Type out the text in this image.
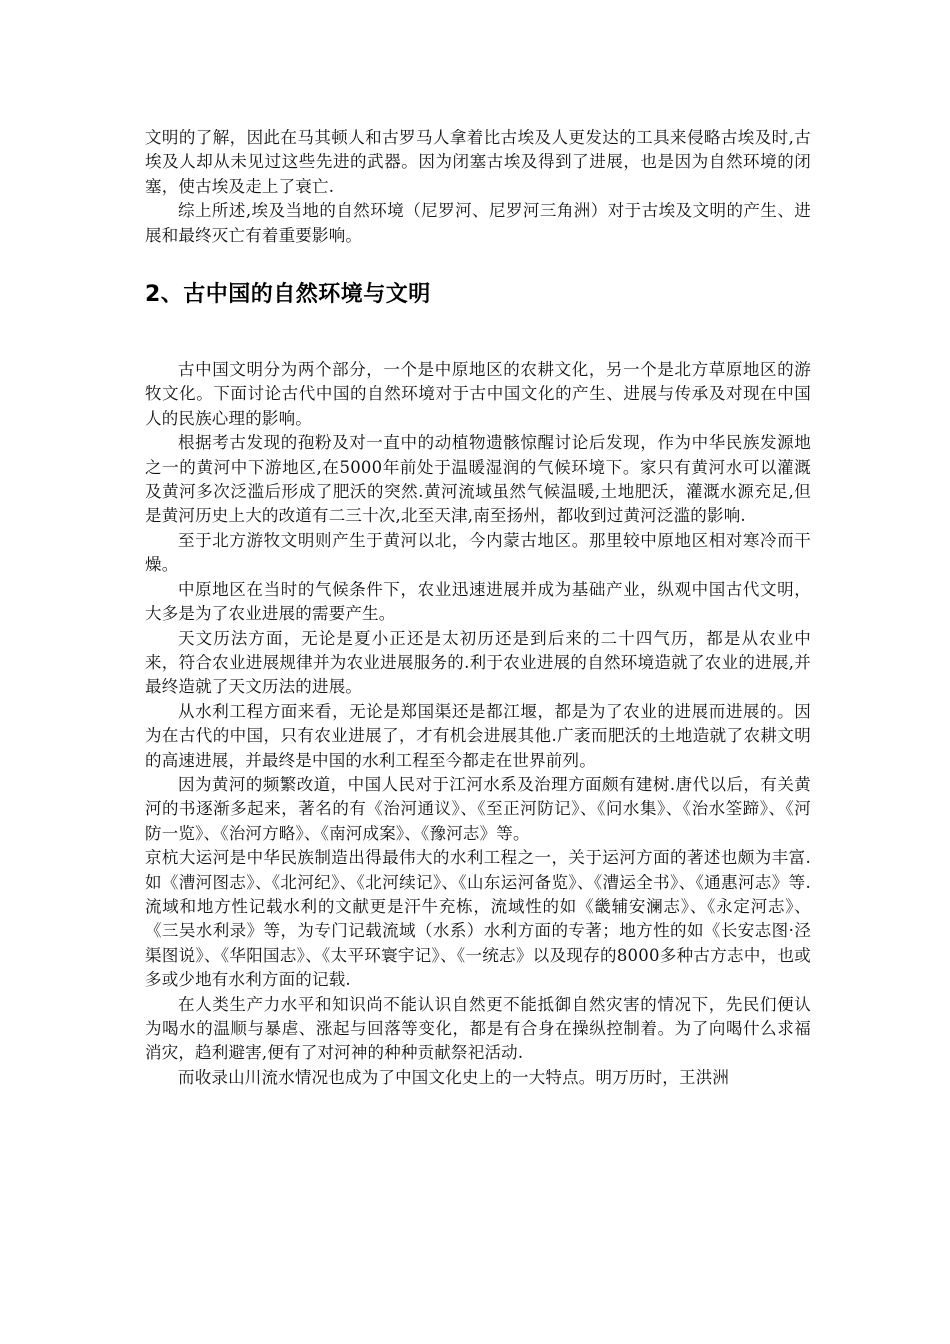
文明的了解，因此在马其顿人和古罗马人拿着比古埃及人更发达的工具来侵略古埃及时,古埃及人却从未见过这些先进的武器。因为闭塞古埃及得到了进展，也是因为自然环境的闭塞，使古埃及走上了衰亡.

综上所述,埃及当地的自然环境（尼罗河、尼罗河三角洲）对于古埃及文明的产生、进展和最终灭亡有着重要影响。

2、古中国的自然环境与文明

古中国文明分为两个部分，一个是中原地区的农耕文化，另一个是北方草原地区的游牧文化。下面讨论古代中国的自然环境对于古中国文化的产生、进展与传承及对现在中国人的民族心理的影响。

根据考古发现的孢粉及对一直中的动植物遗骸惊醒讨论后发现，作为中华民族发源地之一的黄河中下游地区,在5000年前处于温暖湿润的气候环境下。家只有黄河水可以灌溉及黄河多次泛滥后形成了肥沃的突然.黄河流域虽然气候温暖,土地肥沃，灌溉水源充足,但是黄河历史上大的改道有二三十次,北至天津,南至扬州，都收到过黄河泛滥的影响.

至于北方游牧文明则产生于黄河以北，今内蒙古地区。那里较中原地区相对寒冷而干燥。

中原地区在当时的气候条件下，农业迅速进展并成为基础产业，纵观中国古代文明，大多是为了农业进展的需要产生。

天文历法方面，无论是夏小正还是太初历还是到后来的二十四气历，都是从农业中来，符合农业进展规律并为农业进展服务的.利于农业进展的自然环境造就了农业的进展,并最终造就了天文历法的进展。

从水利工程方面来看，无论是郑国渠还是都江堰，都是为了农业的进展而进展的。因为在古代的中国，只有农业进展了，才有机会进展其他.广袤而肥沃的土地造就了农耕文明的高速进展，并最终是中国的水利工程至今都走在世界前列。

因为黄河的频繁改道，中国人民对于江河水系及治理方面颇有建树.唐代以后，有关黄河的书逐渐多起来，著名的有《治河通议》、《至正河防记》、《问水集》、《治水筌蹄》、《河防一览》、《治河方略》、《南河成案》、《豫河志》等。

京杭大运河是中华民族制造出得最伟大的水利工程之一，关于运河方面的著述也颇为丰富.如《漕河图志》、《北河纪》、《北河续记》、《山东运河备览》、《漕运全书》、《通惠河志》等.流域和地方性记载水利的文献更是汗牛充栋，流域性的如《畿辅安澜志》、《永定河志》、《三吴水利录》等，为专门记载流域（水系）水利方面的专著；地方性的如《长安志图·泾渠图说》、《华阳国志》、《太平环寰宇记》、《一统志》以及现存的8000多种古方志中，也或多或少地有水利方面的记载.

在人类生产力水平和知识尚不能认识自然更不能抵御自然灾害的情况下，先民们便认为喝水的温顺与暴虐、涨起与回落等变化，都是有合身在操纵控制着。为了向喝什么求福消灾，趋利避害,便有了对河神的种种贡献祭祀活动.

而收录山川流水情况也成为了中国文化史上的一大特点。明万历时，王洪洲
